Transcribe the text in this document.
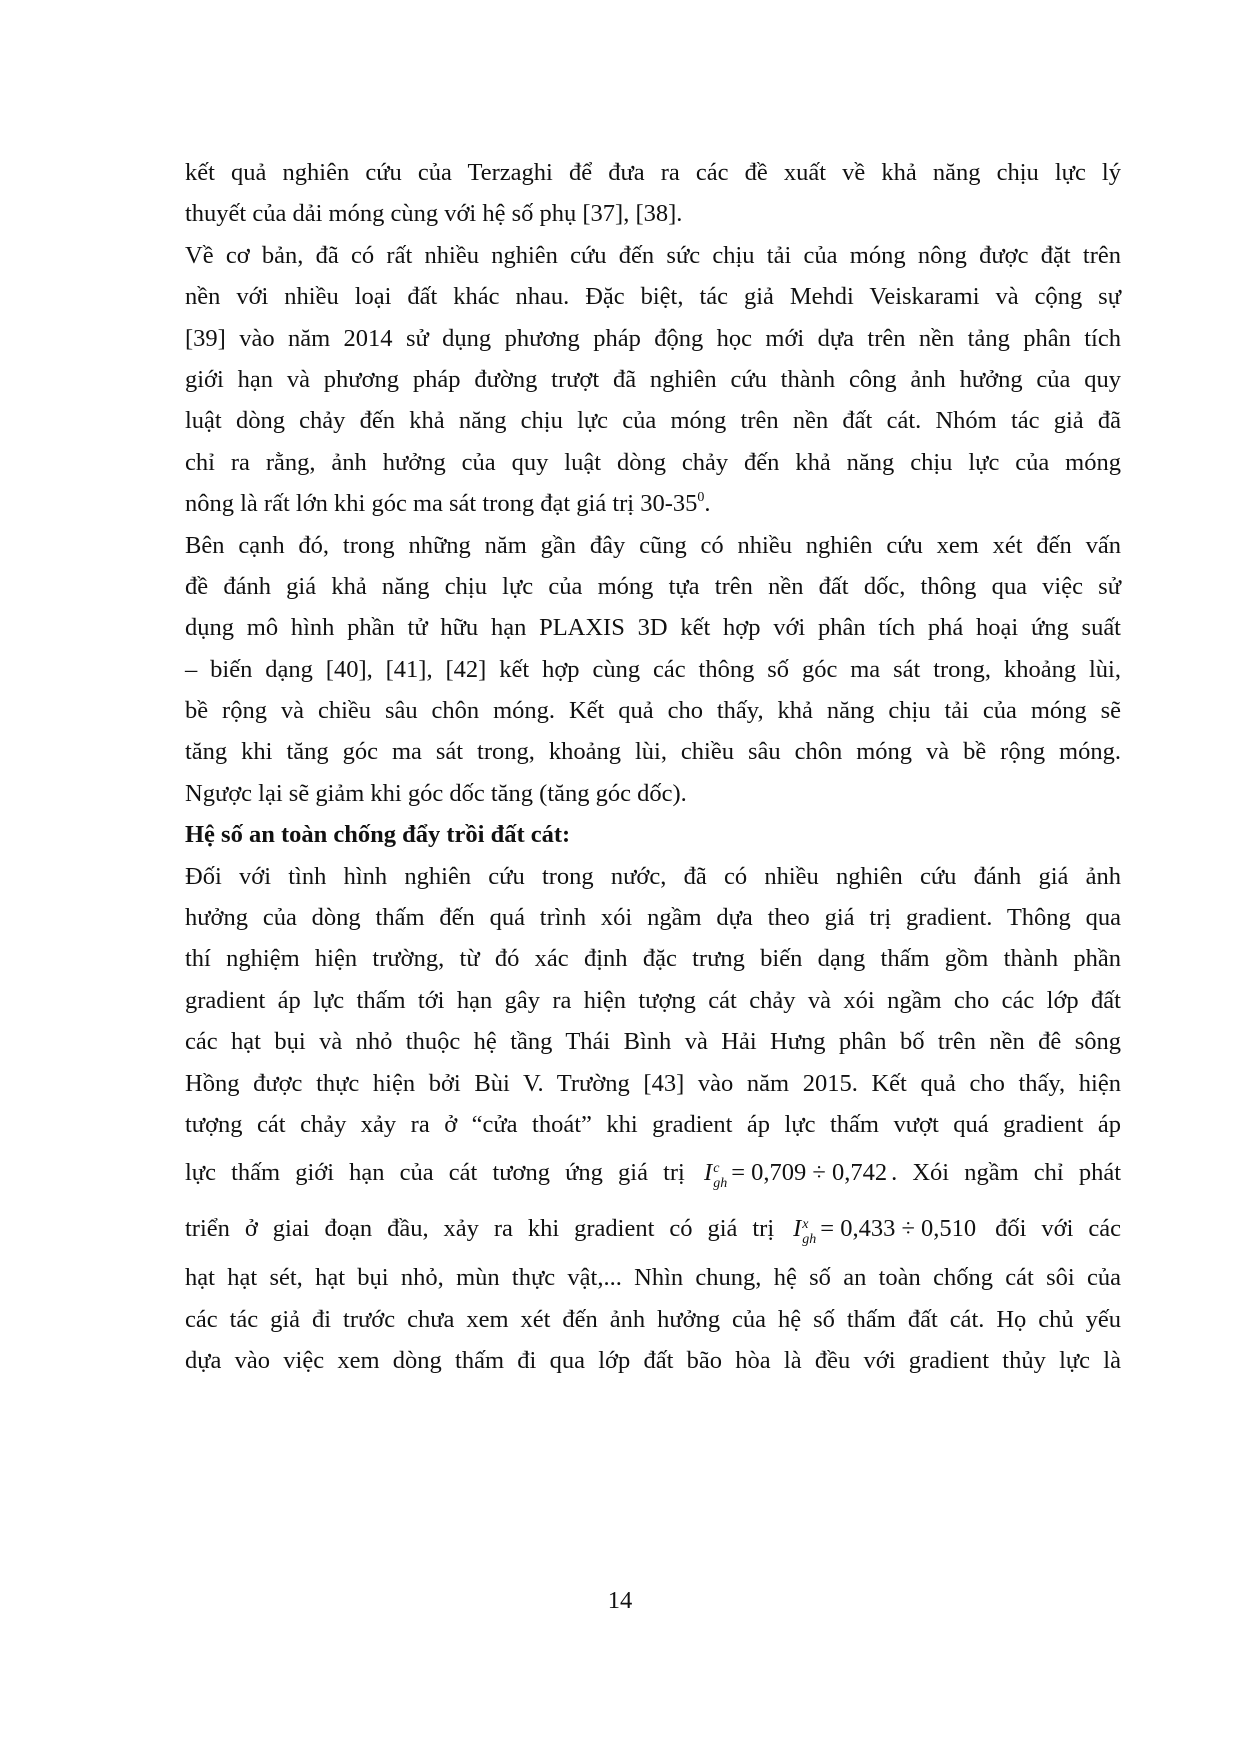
kết quả nghiên cứu của Terzaghi để đưa ra các đề xuất về khả năng chịu lực lý
thuyết của dải móng cùng với hệ số phụ [37], [38].
Về cơ bản, đã có rất nhiều nghiên cứu đến sức chịu tải của móng nông được đặt trên
nền với nhiều loại đất khác nhau. Đặc biệt, tác giả Mehdi Veiskarami và cộng sự
[39] vào năm 2014 sử dụng phương pháp động học mới dựa trên nền tảng phân tích
giới hạn và phương pháp đường trượt đã nghiên cứu thành công ảnh hưởng của quy
luật dòng chảy đến khả năng chịu lực của móng trên nền đất cát. Nhóm tác giả đã
chỉ ra rằng, ảnh hưởng của quy luật dòng chảy đến khả năng chịu lực của móng
nông là rất lớn khi góc ma sát trong đạt giá trị $30-35^0$.
Bên cạnh đó, trong những năm gần đây cũng có nhiều nghiên cứu xem xét đến vấn
đề đánh giá khả năng chịu lực của móng tựa trên nền đất dốc, thông qua việc sử
dụng mô hình phần tử hữu hạn PLAXIS 3D kết hợp với phân tích phá hoại ứng suất
– biến dạng [40], [41], [42] kết hợp cùng các thông số góc ma sát trong, khoảng lùi,
bề rộng và chiều sâu chôn móng. Kết quả cho thấy, khả năng chịu tải của móng sẽ
tăng khi tăng góc ma sát trong, khoảng lùi, chiều sâu chôn móng và bề rộng móng.
Ngược lại sẽ giảm khi góc dốc tăng (tăng góc dốc).
Hệ số an toàn chống đẩy trồi đất cát:
Đối với tình hình nghiên cứu trong nước, đã có nhiều nghiên cứu đánh giá ảnh
hưởng của dòng thấm đến quá trình xói ngầm dựa theo giá trị gradient. Thông qua
thí nghiệm hiện trường, từ đó xác định đặc trưng biến dạng thấm gồm thành phần
gradient áp lực thấm tới hạn gây ra hiện tượng cát chảy và xói ngầm cho các lớp đất
các hạt bụi và nhỏ thuộc hệ tầng Thái Bình và Hải Hưng phân bố trên nền đê sông
Hồng được thực hiện bởi Bùi V. Trường [43] vào năm 2015. Kết quả cho thấy, hiện
tượng cát chảy xảy ra ở “cửa thoát” khi gradient áp lực thấm vượt quá gradient áp
lực thấm giới hạn của cát tương ứng giá trị I c
gh = 0,709 ÷ 0,742 . Xói ngầm chỉ phát
triển ở giai đoạn đầu, xảy ra khi gradient có giá trị I x
gh = 0,433 ÷ 0,510 đối với các
hạt hạt sét, hạt bụi nhỏ, mùn thực vật,... Nhìn chung, hệ số an toàn chống cát sôi của
các tác giả đi trước chưa xem xét đến ảnh hưởng của hệ số thấm đất cát. Họ chủ yếu
dựa vào việc xem dòng thấm đi qua lớp đất bão hòa là đều với gradient thủy lực là
14
